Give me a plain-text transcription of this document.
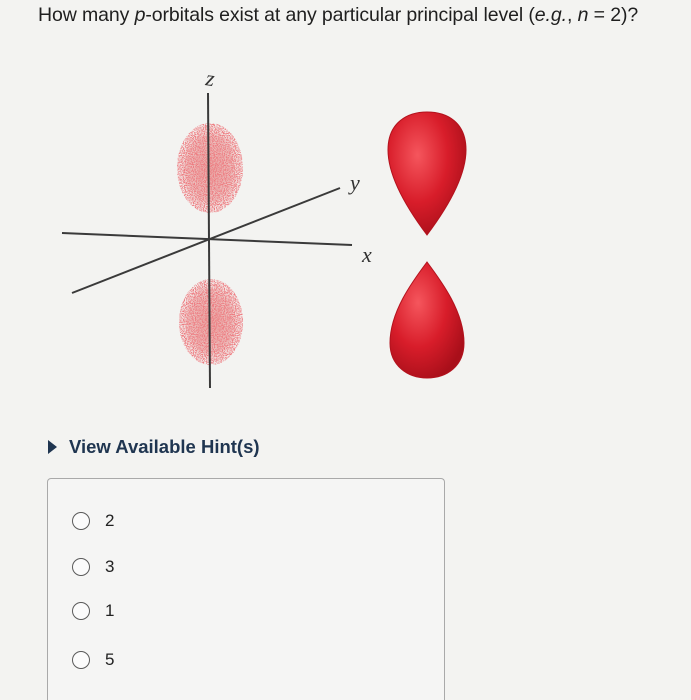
How many p-orbitals exist at any particular principal level (e.g., n = 2)?
z
y
x
View Available Hint(s)
2
3
1
5
